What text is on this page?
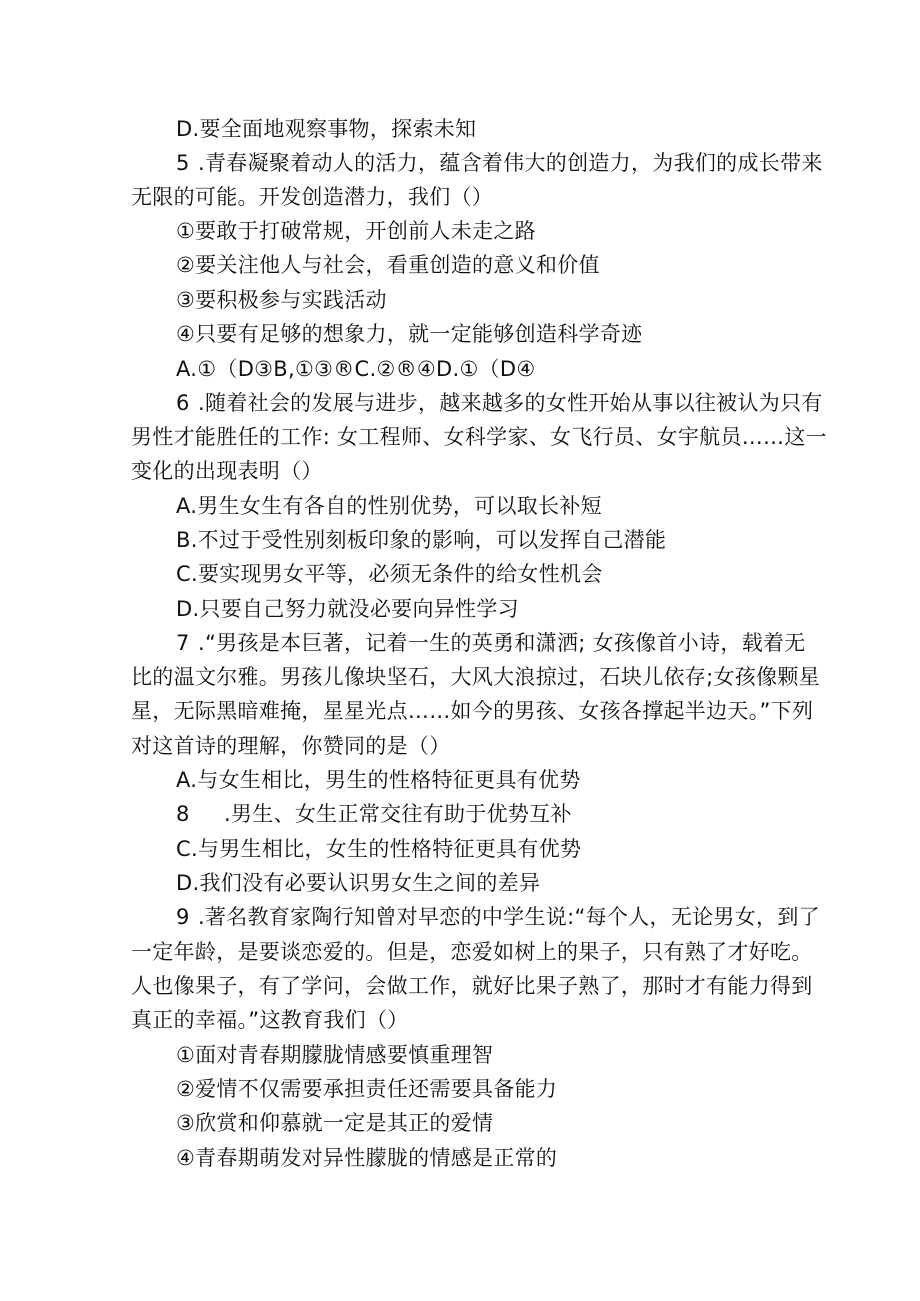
D.要全面地观察事物，探索未知
5 .青春凝聚着动人的活力，蕴含着伟大的创造力，为我们的成长带来
无限的可能。开发创造潜力，我们（）
①要敢于打破常规，开创前人未走之路
②要关注他人与社会，看重创造的意义和价值
③要积极参与实践活动
④只要有足够的想象力，就一定能够创造科学奇迹
A.①（D③B,①③®C.②®④D.①（D④
6 .随着社会的发展与进步，越来越多的女性开始从事以往被认为只有
男性才能胜任的工作: 女工程师、女科学家、女飞行员、女宇航员……这一
变化的出现表明（）
A.男生女生有各自的性别优势，可以取长补短
B.不过于受性别刻板印象的影响，可以发挥自己潜能
C.要实现男女平等，必须无条件的给女性机会
D.只要自己努力就没必要向异性学习
7 .“男孩是本巨著，记着一生的英勇和潇洒; 女孩像首小诗，载着无
比的温文尔雅。男孩儿像块坚石，大风大浪掠过，石块儿依存;女孩像颗星
星，无际黑暗难掩，星星光点……如今的男孩、女孩各撑起半边天。”下列
对这首诗的理解，你赞同的是（）
A.与女生相比，男生的性格特征更具有优势
8 .男生、女生正常交往有助于优势互补
C.与男生相比，女生的性格特征更具有优势
D.我们没有必要认识男女生之间的差异
9 .著名教育家陶行知曾对早恋的中学生说:“每个人，无论男女，到了
一定年龄，是要谈恋爱的。但是，恋爱如树上的果子，只有熟了才好吃。
人也像果子，有了学问，会做工作，就好比果子熟了，那时才有能力得到
真正的幸福。”这教育我们（）
①面对青春期朦胧情感要慎重理智
②爱情不仅需要承担责任还需要具备能力
③欣赏和仰慕就一定是其正的爱情
④青春期萌发对异性朦胧的情感是正常的
